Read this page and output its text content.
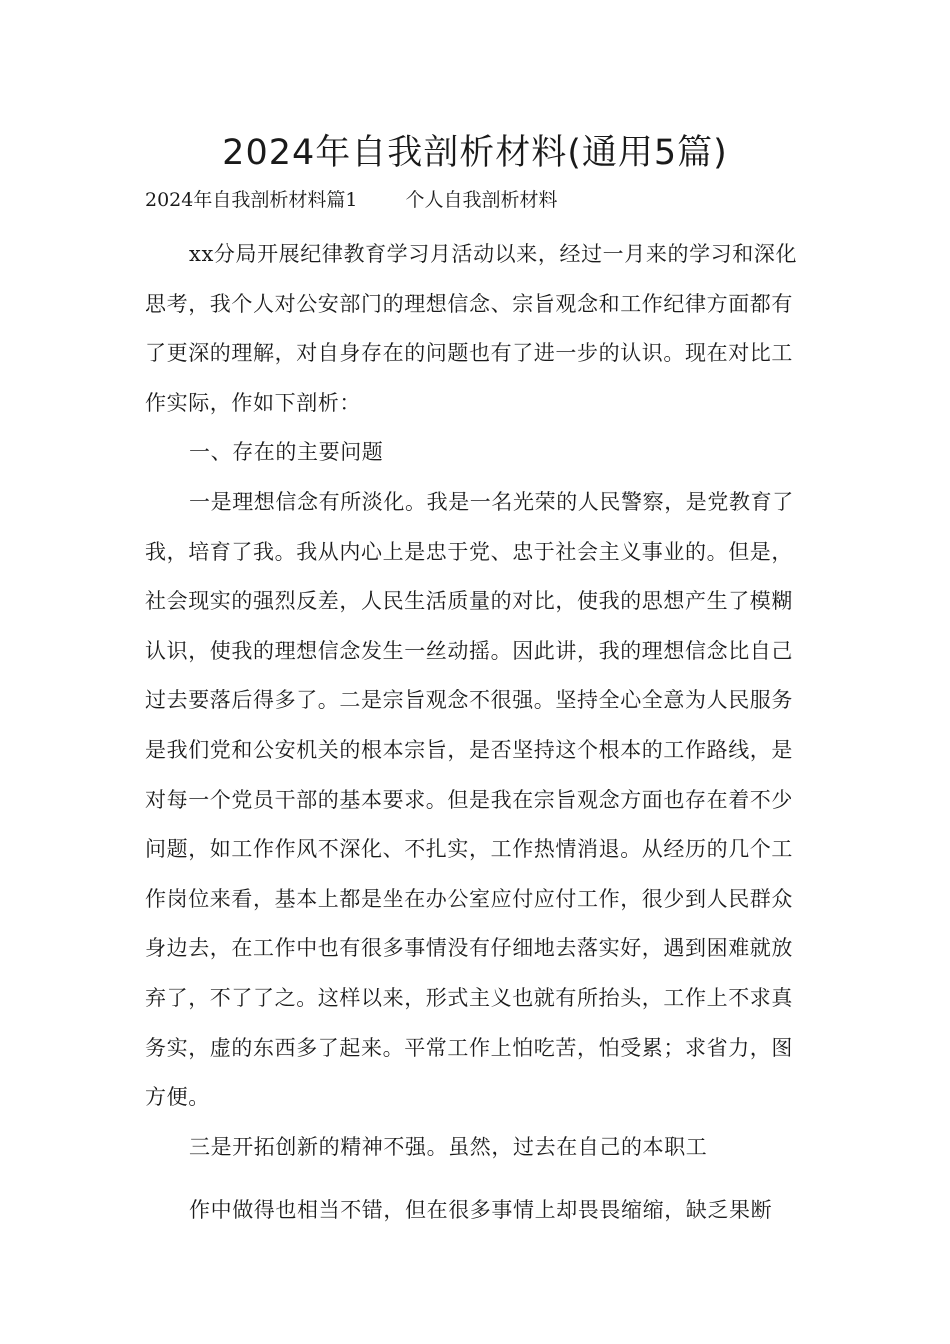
2024年自我剖析材料(通用5篇)
2024年自我剖析材料篇1	个人自我剖析材料

xx分局开展纪律教育学习月活动以来，经过一月来的学习和深化思考，我个人对公安部门的理想信念、宗旨观念和工作纪律方面都有了更深的理解，对自身存在的问题也有了进一步的认识。现在对比工作实际，作如下剖析：

一、存在的主要问题

一是理想信念有所淡化。我是一名光荣的人民警察，是党教育了我，培育了我。我从内心上是忠于党、忠于社会主义事业的。但是，社会现实的强烈反差，人民生活质量的对比，使我的思想产生了模糊认识，使我的理想信念发生一丝动摇。因此讲，我的理想信念比自己过去要落后得多了。二是宗旨观念不很强。坚持全心全意为人民服务是我们党和公安机关的根本宗旨，是否坚持这个根本的工作路线，是对每一个党员干部的基本要求。但是我在宗旨观念方面也存在着不少问题，如工作作风不深化、不扎实，工作热情消退。从经历的几个工作岗位来看，基本上都是坐在办公室应付应付工作，很少到人民群众身边去，在工作中也有很多事情没有仔细地去落实好，遇到困难就放弃了，不了了之。这样以来，形式主义也就有所抬头，工作上不求真务实，虚的东西多了起来。平常工作上怕吃苦，怕受累；求省力，图方便。

三是开拓创新的精神不强。虽然，过去在自己的本职工

作中做得也相当不错，但在很多事情上却畏畏缩缩，缺乏果断
